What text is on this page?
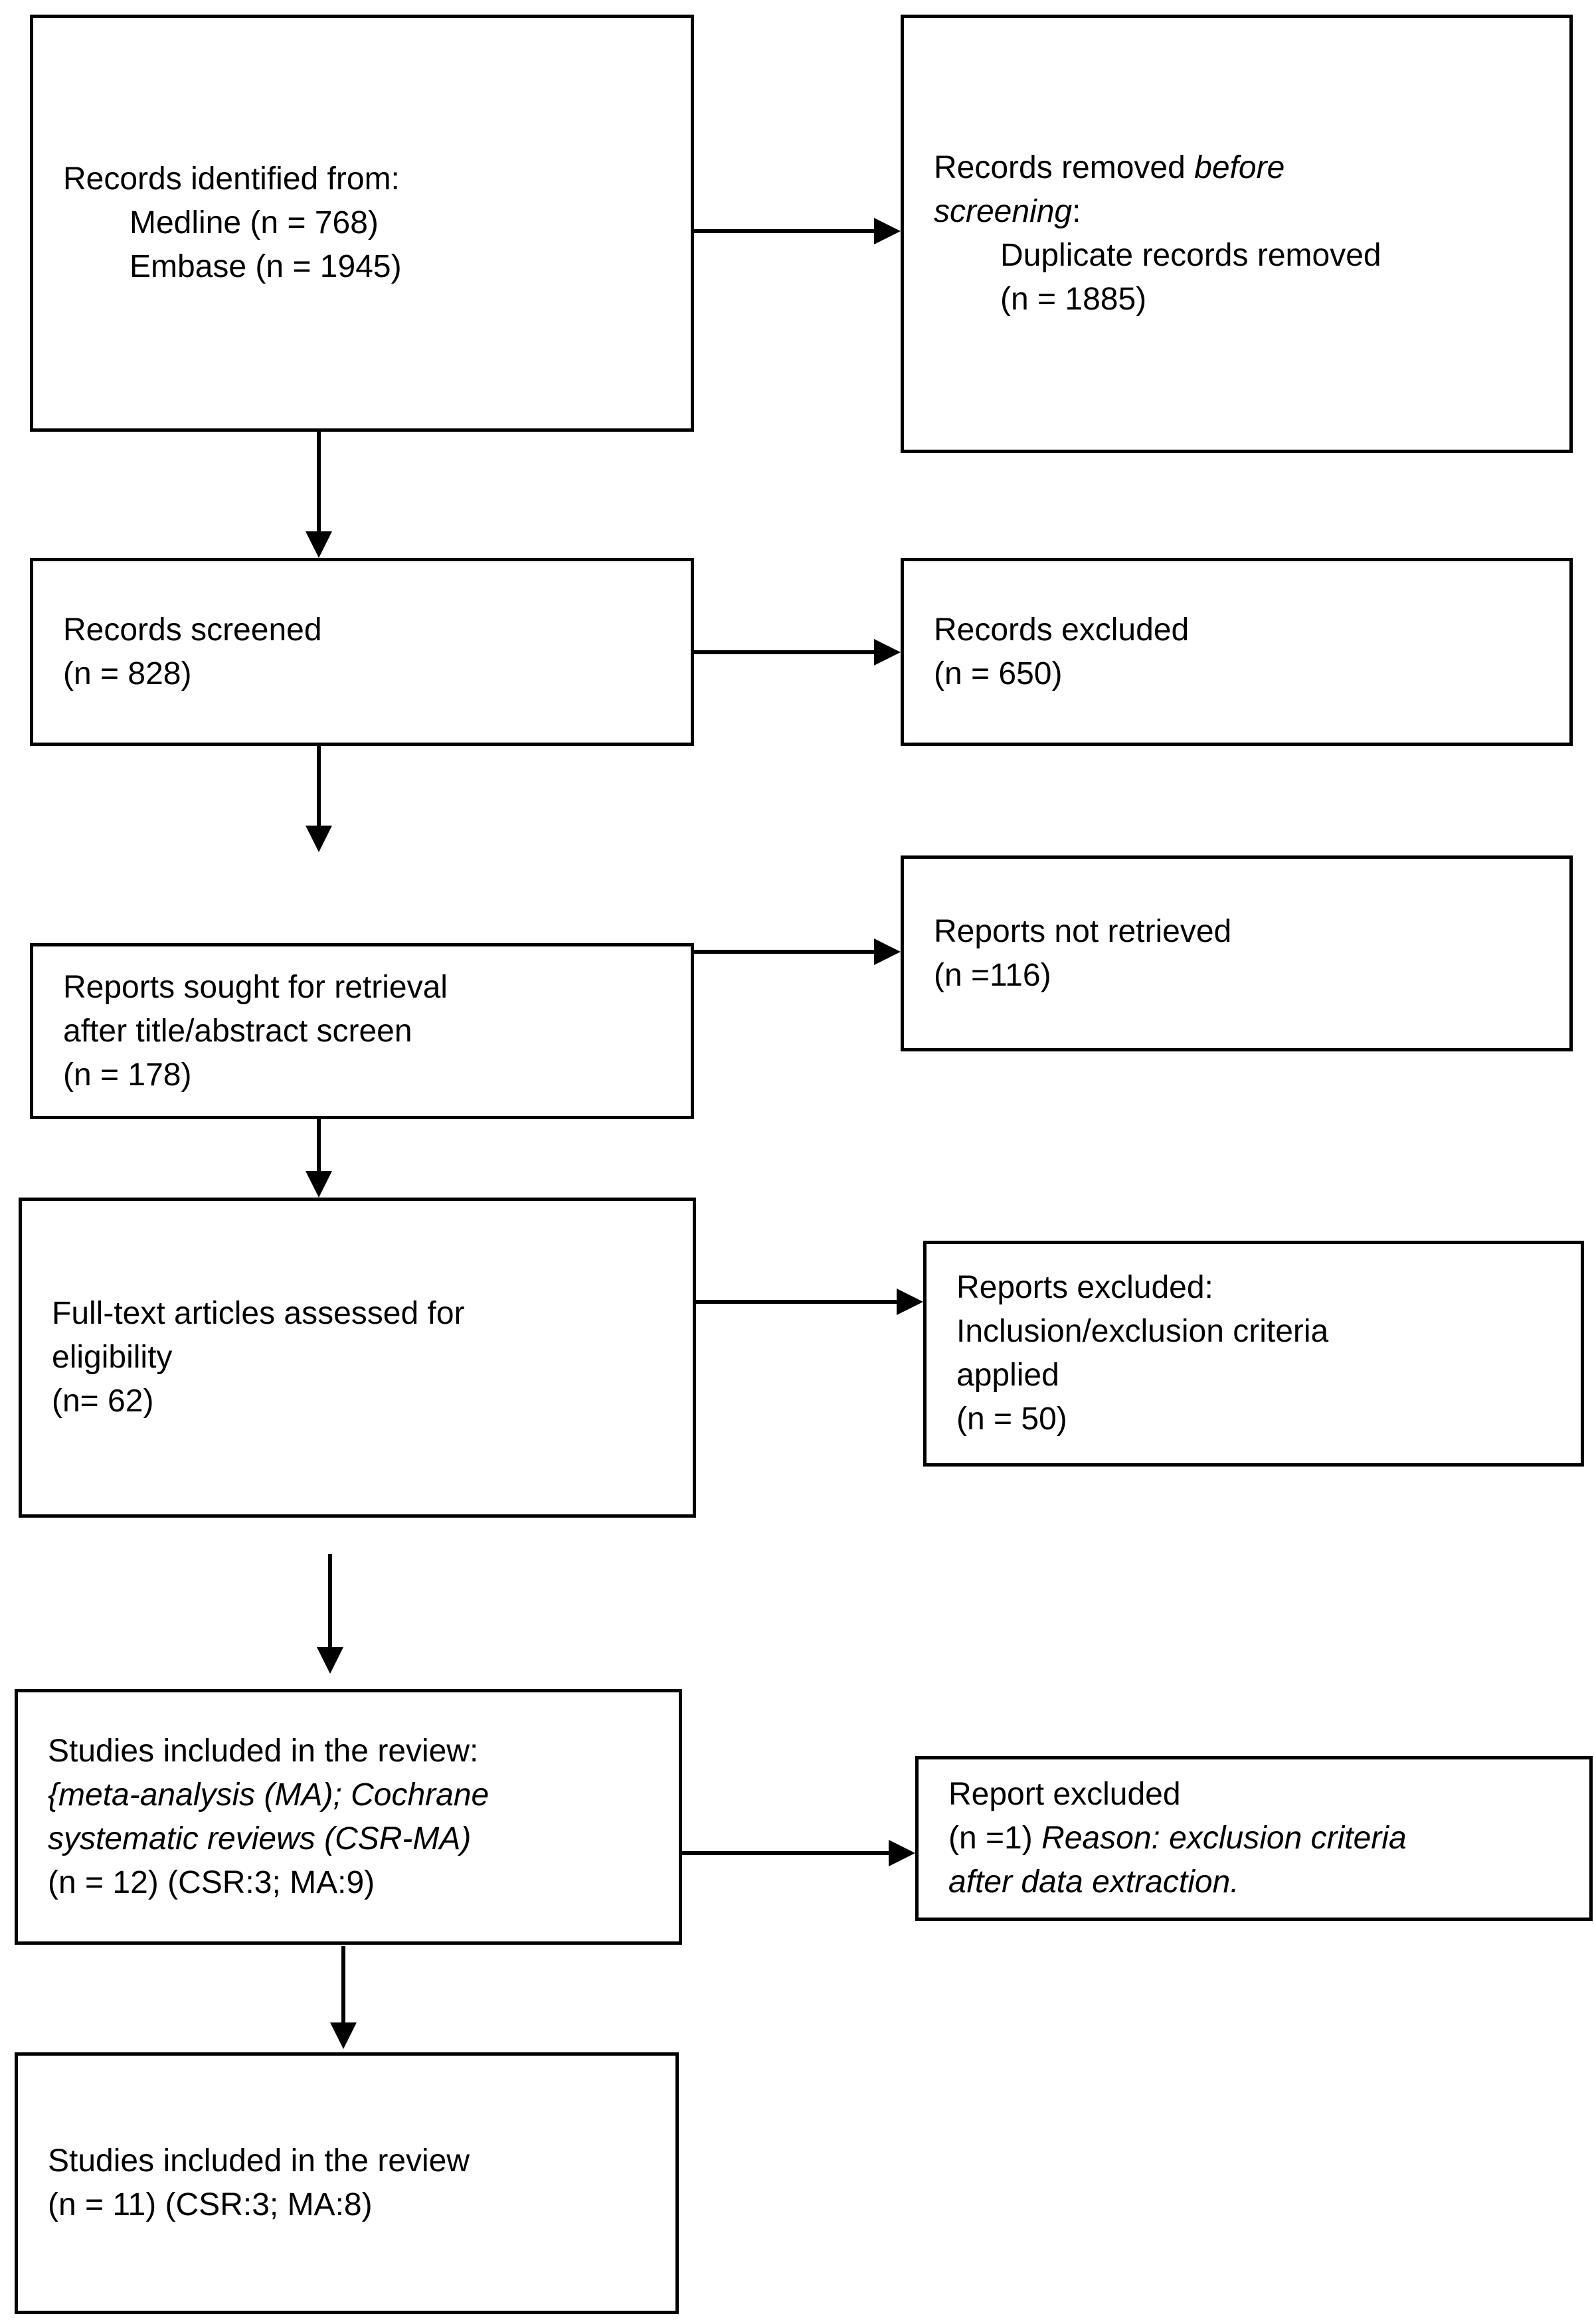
Records identified from:
Medline (n = 768)
Embase (n = 1945)
Records removed before
screening:
Duplicate records removed
(n = 1885)
Records screened
(n = 828)
Records excluded
(n = 650)
Reports not retrieved
(n =116)
Reports sought for retrieval
after title/abstract screen
(n = 178)
Full-text articles assessed for
eligibility
(n= 62)
Reports excluded:
Inclusion/exclusion criteria
applied
(n = 50)
Studies included in the review:
{meta-analysis (MA); Cochrane
systematic reviews (CSR-MA)
(n = 12) (CSR:3; MA:9)
Report excluded
(n =1) Reason: exclusion criteria
after data extraction.
Studies included in the review
(n = 11) (CSR:3; MA:8)
